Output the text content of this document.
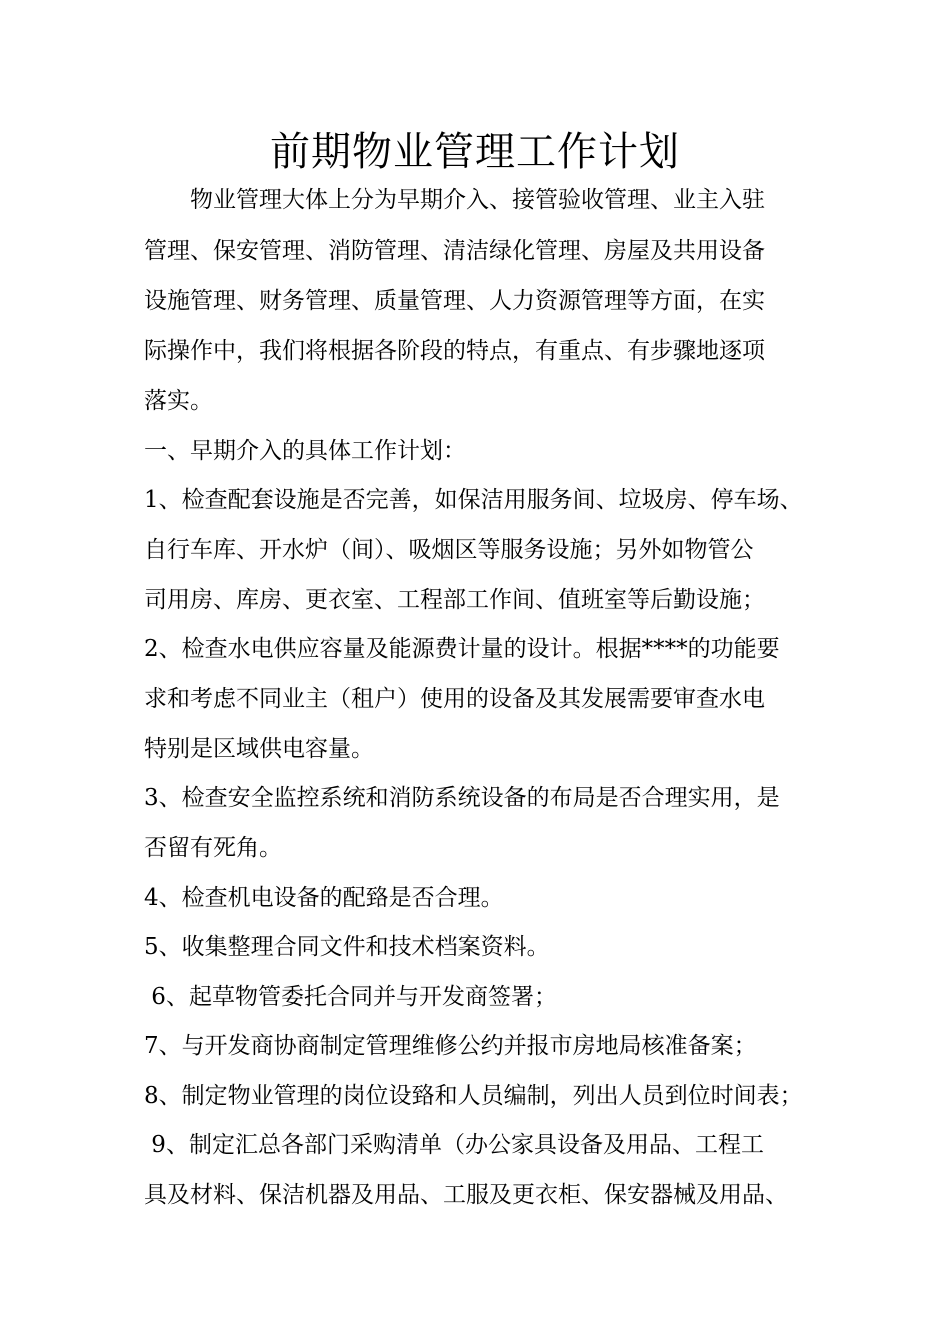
前期物业管理工作计划
　　物业管理大体上分为早期介入、接管验收管理、业主入驻
管理、保安管理、消防管理、清洁绿化管理、房屋及共用设备
设施管理、财务管理、质量管理、人力资源管理等方面，在实
际操作中，我们将根据各阶段的特点，有重点、有步骤地逐项
落实。
一、早期介入的具体工作计划：
1、检查配套设施是否完善，如保洁用服务间、垃圾房、停车场、
自行车库、开水炉（间）、吸烟区等服务设施；另外如物管公
司用房、库房、更衣室、工程部工作间、值班室等后勤设施；
2、检查水电供应容量及能源费计量的设计。根据****的功能要
求和考虑不同业主（租户）使用的设备及其发展需要审查水电
特别是区域供电容量。
3、检查安全监控系统和消防系统设备的布局是否合理实用，是
否留有死角。
4、检查机电设备的配臵是否合理。
5、收集整理合同文件和技术档案资料。
6、起草物管委托合同并与开发商签署；
7、与开发商协商制定管理维修公约并报市房地局核准备案；
8、制定物业管理的岗位设臵和人员编制，列出人员到位时间表；
9、制定汇总各部门采购清单（办公家具设备及用品、工程工
具及材料、保洁机器及用品、工服及更衣柜、保安器械及用品、
